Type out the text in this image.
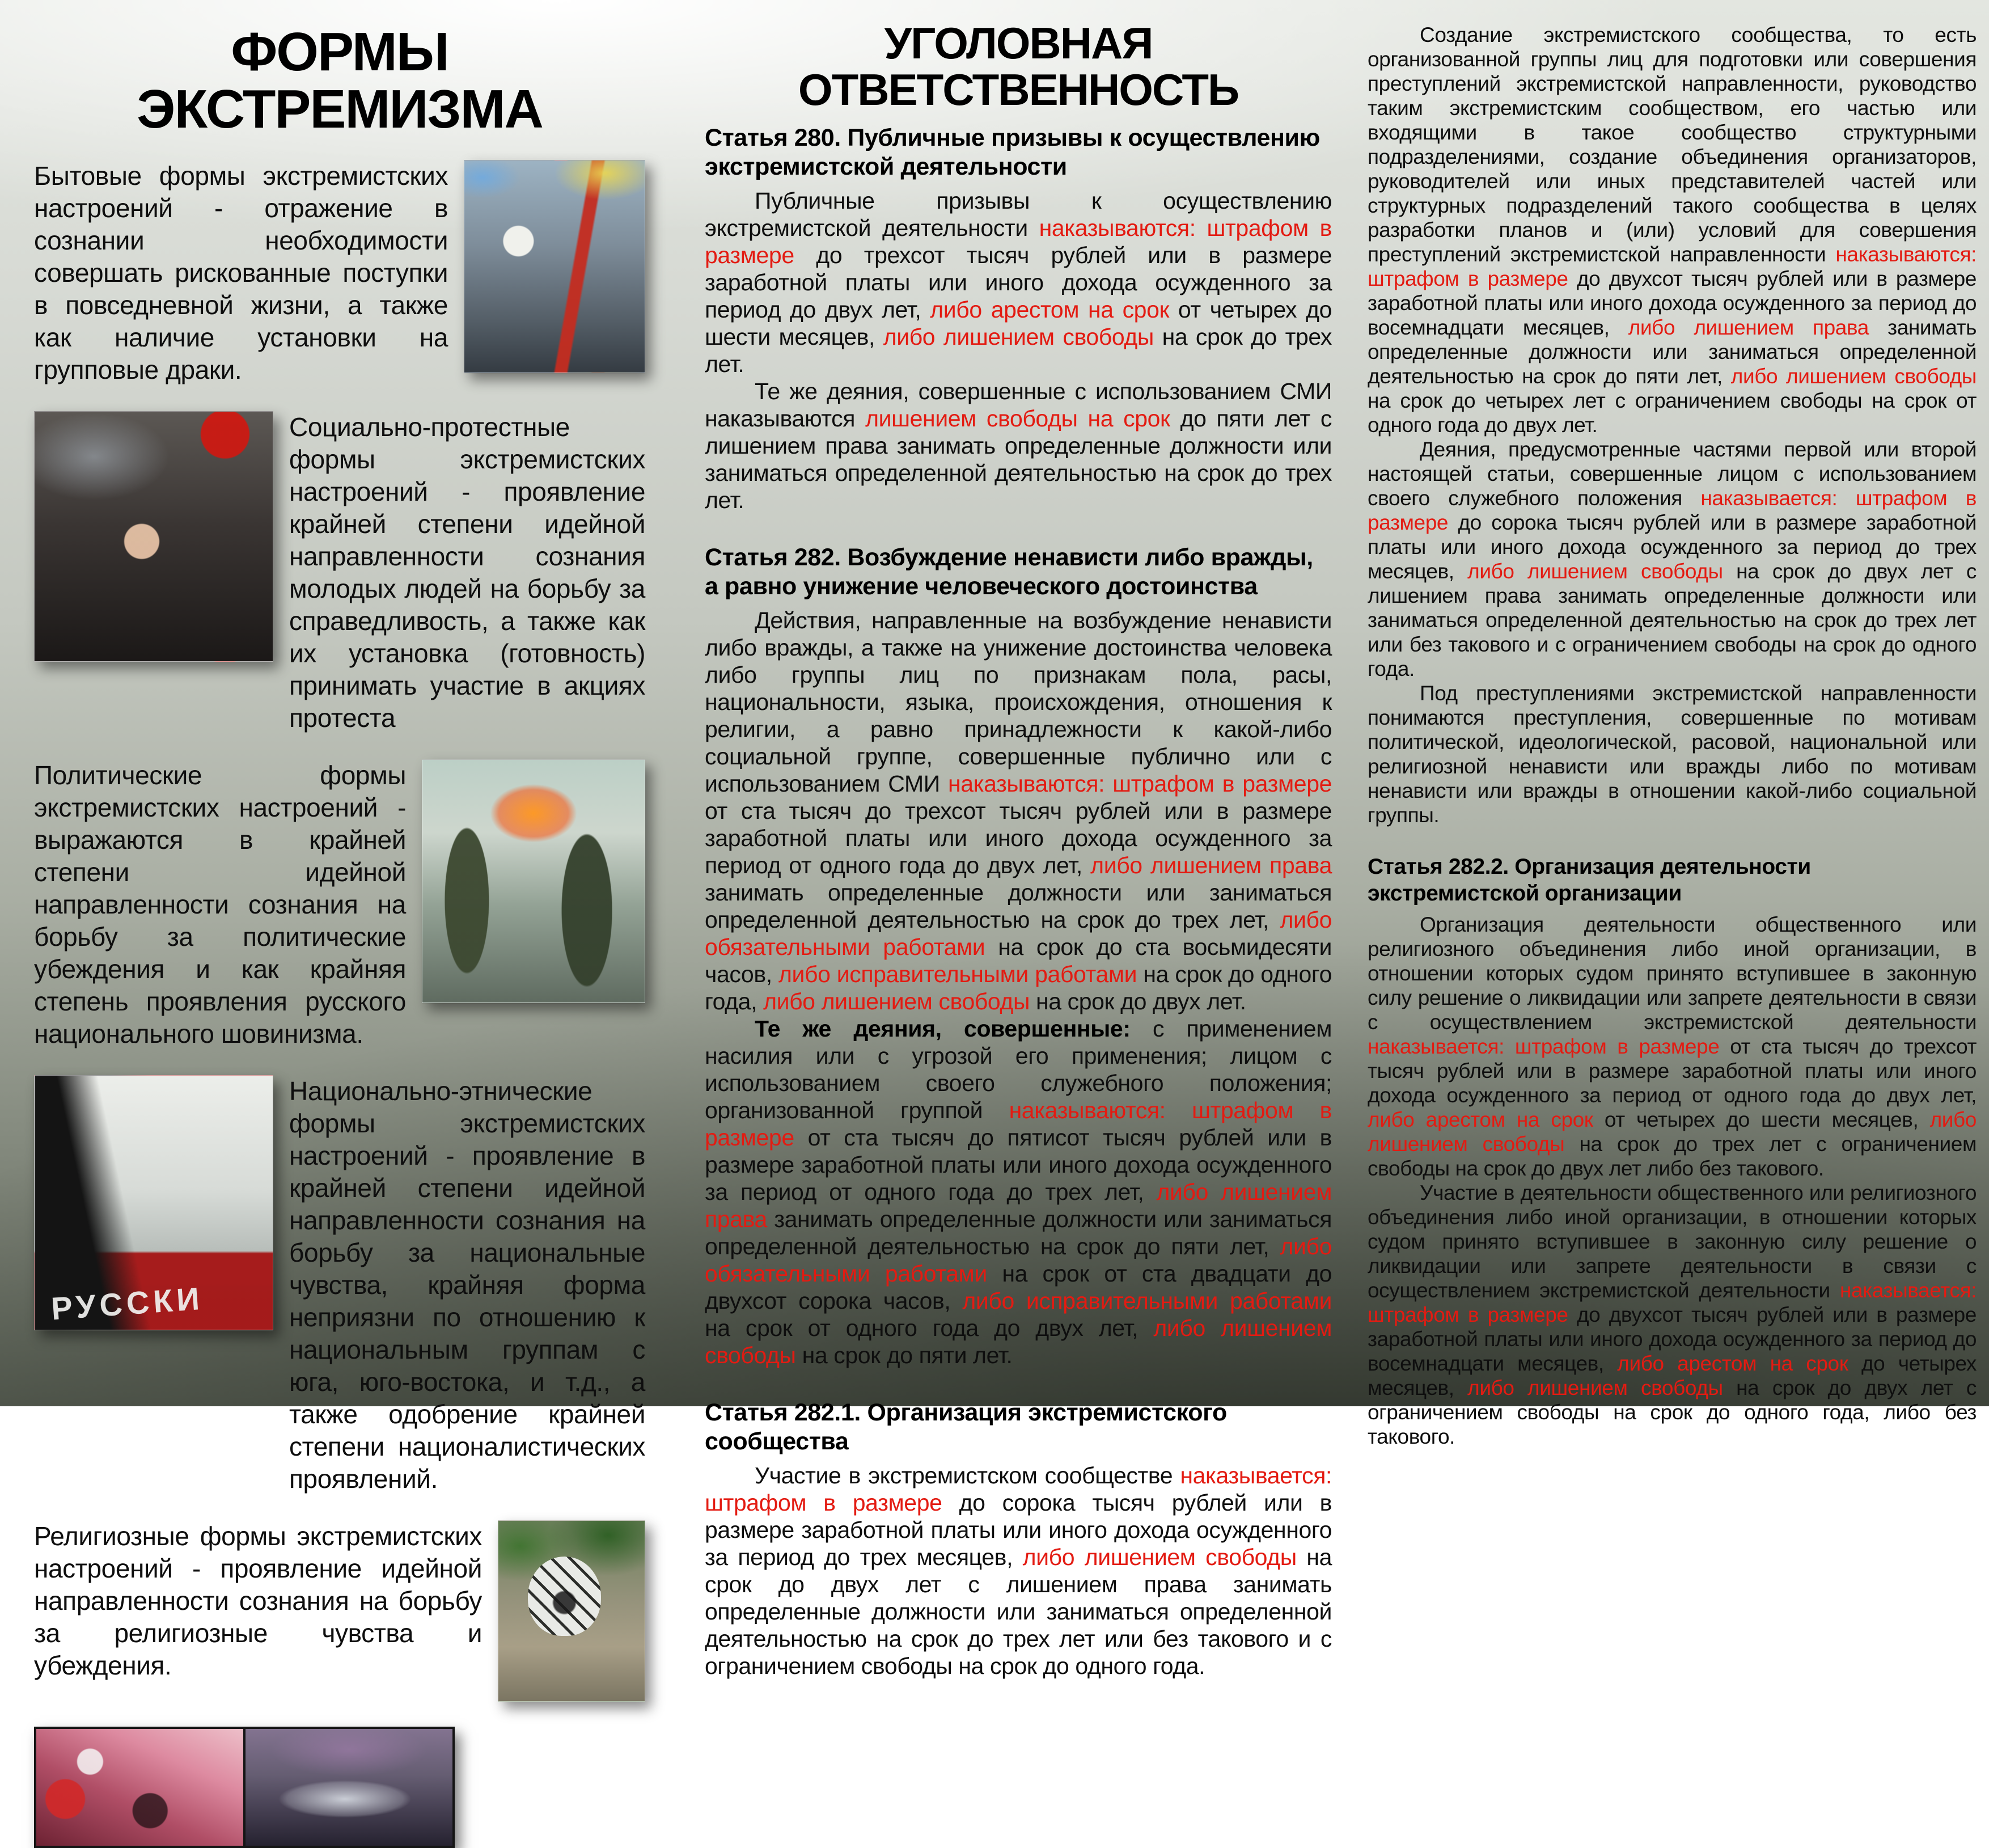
ФОРМЫ ЭКСТРЕМИЗМА
Бытовые формы экстремистских настроений - отражение в сознании необходимости совершать рискованные поступки в повседневной жизни, а также как наличие установки на групповые драки.
Социально-протестные формы экстремистских настроений - проявление крайней степени идейной направленности сознания молодых людей на борьбу за справедливость, а также как их установка (готовность) принимать участие в акциях протеста
Политические формы экстремистских настроений - выражаются в крайней степени идейной направленности сознания на борьбу за политические убеждения и как крайняя степень проявления русского национального шовинизма.
РУССКИ
Национально-этнические формы экстремистских настроений - проявление в крайней степени идейной направленности сознания на борьбу за национальные чувства, крайняя форма неприязни по отношению к национальным группам с юга, юго-востока, и т.д., а также одобрение крайней степени националистических проявлений.
Религиозные формы экстремистских настроений - проявление идейной направленности сознания на борьбу за религиозные чувства и убеждения.
УГОЛОВНАЯ ОТВЕТСТВЕННОСТЬ
Статья 280. Публичные призывы к осуществлению экстремистской деятельности

Публичные призывы к осуществлению экстремистской деятельности наказываются: штрафом в размере до трехсот тысяч рублей или в размере заработной платы или иного дохода осужденного за период до двух лет, либо арестом на срок от четырех до шести месяцев, либо лишением свободы на срок до трех лет.

Те же деяния, совершенные с использованием СМИ наказываются лишением свободы на срок до пяти лет с лишением права занимать определенные должности или заниматься определенной деятельностью на срок до трех лет.

Статья 282. Возбуждение ненависти либо вражды, а равно унижение человеческого достоинства

Действия, направленные на возбуждение ненависти либо вражды, а также на унижение достоинства человека либо группы лиц по признакам пола, расы, национальности, языка, происхождения, отношения к религии, а равно принадлежности к какой-либо социальной группе, совершенные публично или с использованием СМИ наказываются: штрафом в размере от ста тысяч до трехсот тысяч рублей или в размере заработной платы или иного дохода осужденного за период от одного года до двух лет, либо лишением права занимать определенные должности или заниматься определенной деятельностью на срок до трех лет, либо обязательными работами на срок до ста восьмидесяти часов, либо исправительными работами на срок до одного года, либо лишением свободы на срок до двух лет.

Те же деяния, совершенные: с применением насилия или с угрозой его применения; лицом с использованием своего служебного положения; организованной группой наказываются: штрафом в размере от ста тысяч до пятисот тысяч рублей или в размере заработной платы или иного дохода осужденного за период от одного года до трех лет, либо лишением права занимать определенные должности или заниматься определенной деятельностью на срок до пяти лет, либо обязательными работами на срок от ста двадцати до двухсот сорока часов, либо исправительными работами на срок от одного года до двух лет, либо лишением свободы на срок до пяти лет.

Статья 282.1. Организация экстремистского сообщества

Участие в экстремистском сообществе наказывается: штрафом в размере до сорока тысяч рублей или в размере заработной платы или иного дохода осужденного за период до трех месяцев, либо лишением свободы на срок до двух лет с лишением права занимать определенные должности или заниматься определенной деятельностью на срок до трех лет или без такового и с ограничением свободы на срок до одного года.

Создание экстремистского сообщества, то есть организованной группы лиц для подготовки или совершения преступлений экстремистской направленности, руководство таким экстремистским сообществом, его частью или входящими в такое сообщество структурными подразделениями, создание объединения организаторов, руководителей или иных представителей частей или структурных подразделений такого сообщества в целях разработки планов и (или) условий для совершения преступлений экстремистской направленности наказываются: штрафом в размере до двухсот тысяч рублей или в размере заработной платы или иного дохода осужденного за период до восемнадцати месяцев, либо лишением права занимать определенные должности или заниматься определенной деятельностью на срок до пяти лет, либо лишением свободы на срок до четырех лет с ограничением свободы на срок от одного года до двух лет.

Деяния, предусмотренные частями первой или второй настоящей статьи, совершенные лицом с использованием своего служебного положения наказывается: штрафом в размере до сорока тысяч рублей или в размере заработной платы или иного дохода осужденного за период до трех месяцев, либо лишением свободы на срок до двух лет с лишением права занимать определенные должности или заниматься определенной деятельностью на срок до трех лет или без такового и с ограничением свободы на срок до одного года.

Под преступлениями экстремистской направленности понимаются преступления, совершенные по мотивам политической, идеологической, расовой, национальной или религиозной ненависти или вражды либо по мотивам ненависти или вражды в отношении какой-либо социальной группы.

Статья 282.2. Организация деятельности экстремистской организации

Организация деятельности общественного или религиозного объединения либо иной организации, в отношении которых судом принято вступившее в законную силу решение о ликвидации или запрете деятельности в связи с осуществлением экстремистской деятельности наказывается: штрафом в размере от ста тысяч до трехсот тысяч рублей или в размере заработной платы или иного дохода осужденного за период от одного года до двух лет, либо арестом на срок от четырех до шести месяцев, либо лишением свободы на срок до трех лет с ограничением свободы на срок до двух лет либо без такового.

Участие в деятельности общественного или религиозного объединения либо иной организации, в отношении которых судом принято вступившее в законную силу решение о ликвидации или запрете деятельности в связи с осуществлением экстремистской деятельности наказывается: штрафом в размере до двухсот тысяч рублей или в размере заработной платы или иного дохода осужденного за период до восемнадцати месяцев, либо арестом на срок до четырех месяцев, либо лишением свободы на срок до двух лет с ограничением свободы на срок до одного года, либо без такового.
